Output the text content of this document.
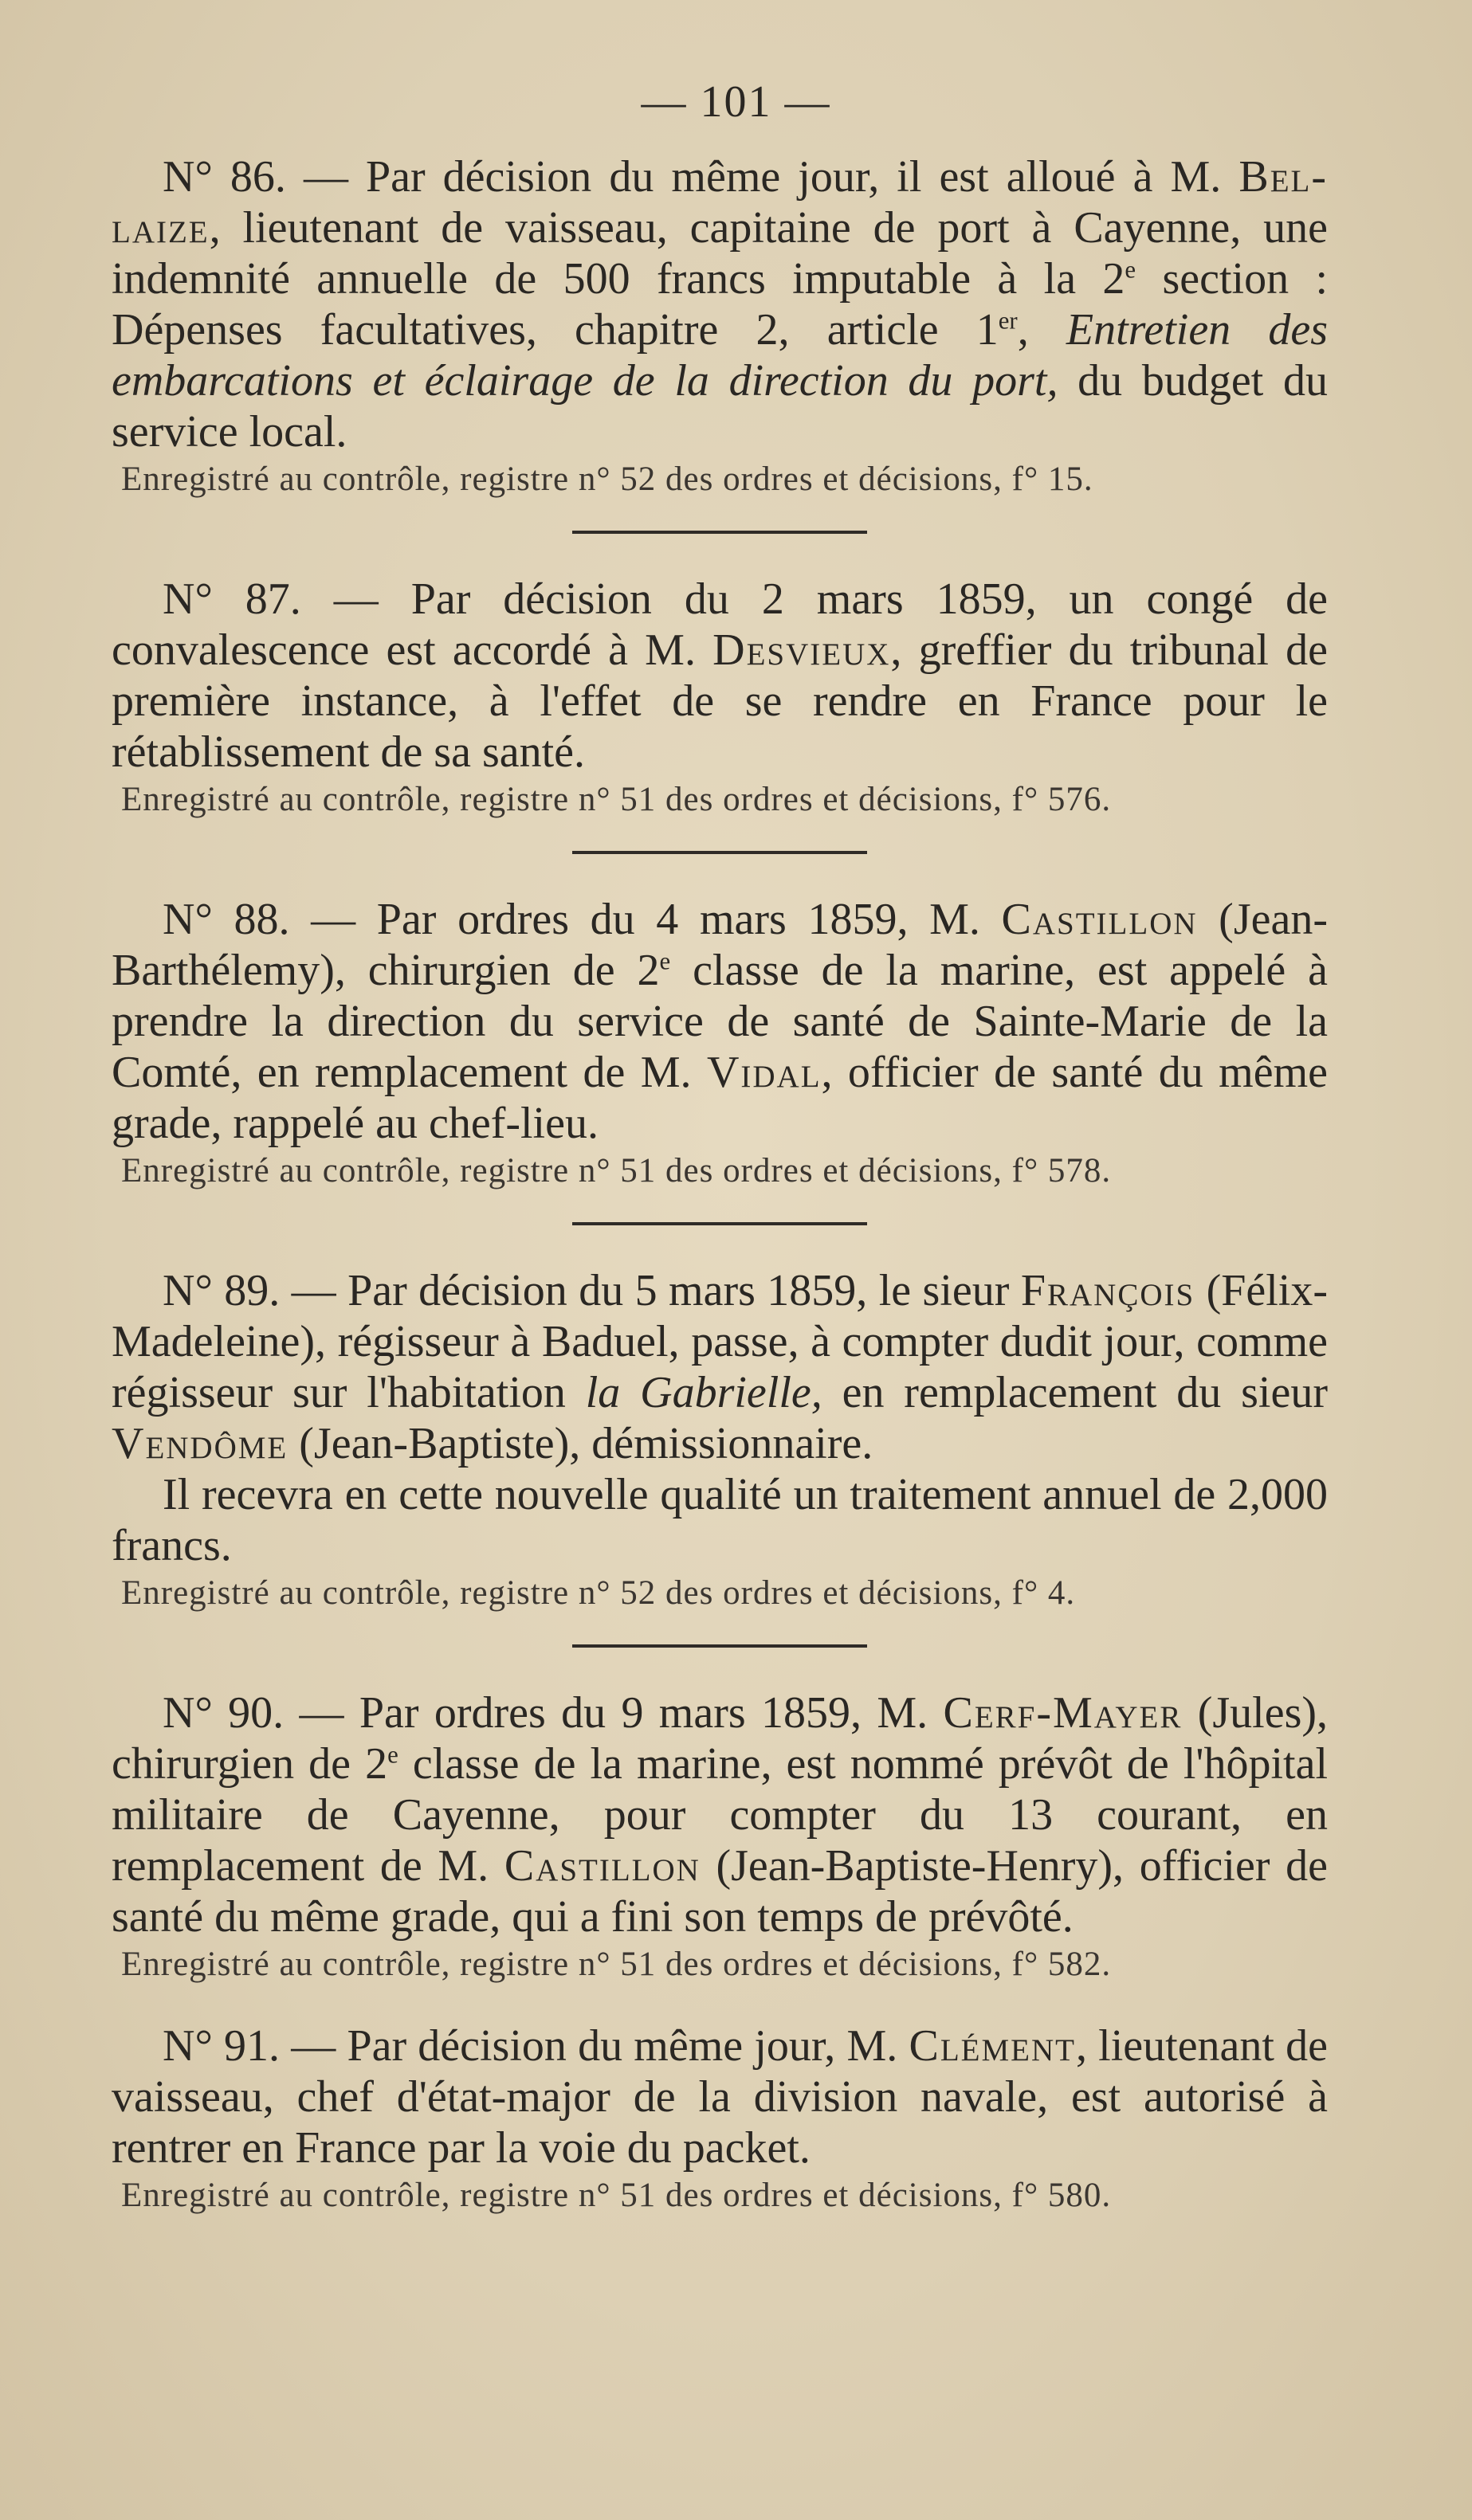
— 101 —

N° 86. — Par décision du même jour, il est alloué à M. Bel-laize, lieutenant de vaisseau, capitaine de port à Cayenne, une indemnité annuelle de 500 francs imputable à la 2e section : Dépenses facultatives, chapitre 2, article 1er, Entretien des embarcations et éclairage de la direction du port, du budget du service local.

Enregistré au contrôle, registre n° 52 des ordres et décisions, f° 15.

N° 87. — Par décision du 2 mars 1859, un congé de convalescence est accordé à M. Desvieux, greffier du tribunal de première instance, à l'effet de se rendre en France pour le rétablissement de sa santé.

Enregistré au contrôle, registre n° 51 des ordres et décisions, f° 576.

N° 88. — Par ordres du 4 mars 1859, M. Castillon (Jean-Barthélemy), chirurgien de 2e classe de la marine, est appelé à prendre la direction du service de santé de Sainte-Marie de la Comté, en remplacement de M. Vidal, officier de santé du même grade, rappelé au chef-lieu.

Enregistré au contrôle, registre n° 51 des ordres et décisions, f° 578.

N° 89. — Par décision du 5 mars 1859, le sieur François (Félix-Madeleine), régisseur à Baduel, passe, à compter dudit jour, comme régisseur sur l'habitation la Gabrielle, en remplacement du sieur Vendôme (Jean-Baptiste), démissionnaire.

Il recevra en cette nouvelle qualité un traitement annuel de 2,000 francs.

Enregistré au contrôle, registre n° 52 des ordres et décisions, f° 4.

N° 90. — Par ordres du 9 mars 1859, M. Cerf-Mayer (Jules), chirurgien de 2e classe de la marine, est nommé prévôt de l'hôpital militaire de Cayenne, pour compter du 13 courant, en remplacement de M. Castillon (Jean-Baptiste-Henry), officier de santé du même grade, qui a fini son temps de prévôté.

Enregistré au contrôle, registre n° 51 des ordres et décisions, f° 582.

N° 91. — Par décision du même jour, M. Clément, lieutenant de vaisseau, chef d'état-major de la division navale, est autorisé à rentrer en France par la voie du packet.

Enregistré au contrôle, registre n° 51 des ordres et décisions, f° 580.
